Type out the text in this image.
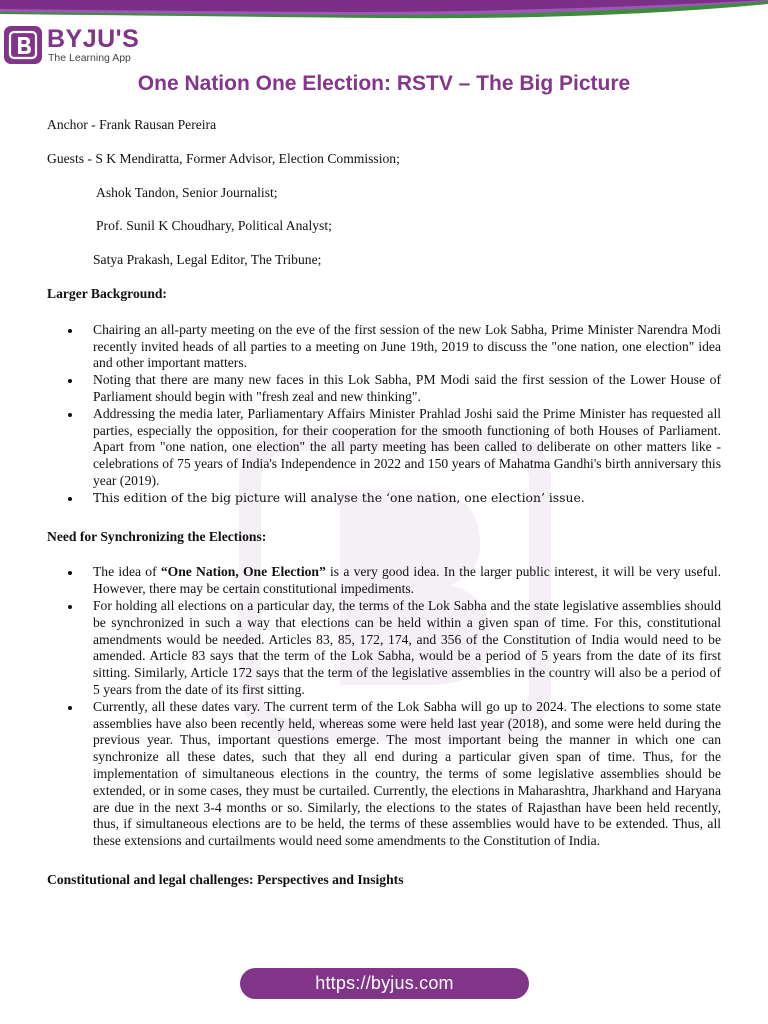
BYJU'S
The Learning App
One Nation One Election: RSTV – The Big Picture

Anchor - Frank Rausan Pereira

Guests - S K Mendiratta, Former Advisor, Election Commission;

Ashok Tandon, Senior Journalist;

Prof. Sunil K Choudhary, Political Analyst;

Satya Prakash, Legal Editor, The Tribune;

Larger Background:

Chairing an all-party meeting on the eve of the first session of the new Lok Sabha, Prime Minister Narendra Modi recently invited heads of all parties to a meeting on June 19th, 2019 to discuss the "one nation, one election" idea and other important matters.
Noting that there are many new faces in this Lok Sabha, PM Modi said the first session of the Lower House of Parliament should begin with "fresh zeal and new thinking".
Addressing the media later, Parliamentary Affairs Minister Prahlad Joshi said the Prime Minister has requested all parties, especially the opposition, for their cooperation for the smooth functioning of both Houses of Parliament. Apart from "one nation, one election" the all party meeting has been called to deliberate on other matters like - celebrations of 75 years of India's Independence in 2022 and 150 years of Mahatma Gandhi's birth anniversary this year (2019).
This edition of the big picture will analyse the ‘one nation, one election’ issue.

Need for Synchronizing the Elections:

The idea of “One Nation, One Election” is a very good idea. In the larger public interest, it will be very useful. However, there may be certain constitutional impediments.
For holding all elections on a particular day, the terms of the Lok Sabha and the state legislative assemblies should be synchronized in such a way that elections can be held within a given span of time. For this, constitutional amendments would be needed. Articles 83, 85, 172, 174, and 356 of the Constitution of India would need to be amended. Article 83 says that the term of the Lok Sabha, would be a period of 5 years from the date of its first sitting. Similarly, Article 172 says that the term of the legislative assemblies in the country will also be a period of 5 years from the date of its first sitting.
Currently, all these dates vary. The current term of the Lok Sabha will go up to 2024. The elections to some state assemblies have also been recently held, whereas some were held last year (2018), and some were held during the previous year. Thus, important questions emerge. The most important being the manner in which one can synchronize all these dates, such that they all end during a particular given span of time. Thus, for the implementation of simultaneous elections in the country, the terms of some legislative assemblies should be extended, or in some cases, they must be curtailed. Currently, the elections in Maharashtra, Jharkhand and Haryana are due in the next 3-4 months or so. Similarly, the elections to the states of Rajasthan have been held recently, thus, if simultaneous elections are to be held, the terms of these assemblies would have to be extended. Thus, all these extensions and curtailments would need some amendments to the Constitution of India.

Constitutional and legal challenges: Perspectives and Insights

https://byjus.com
